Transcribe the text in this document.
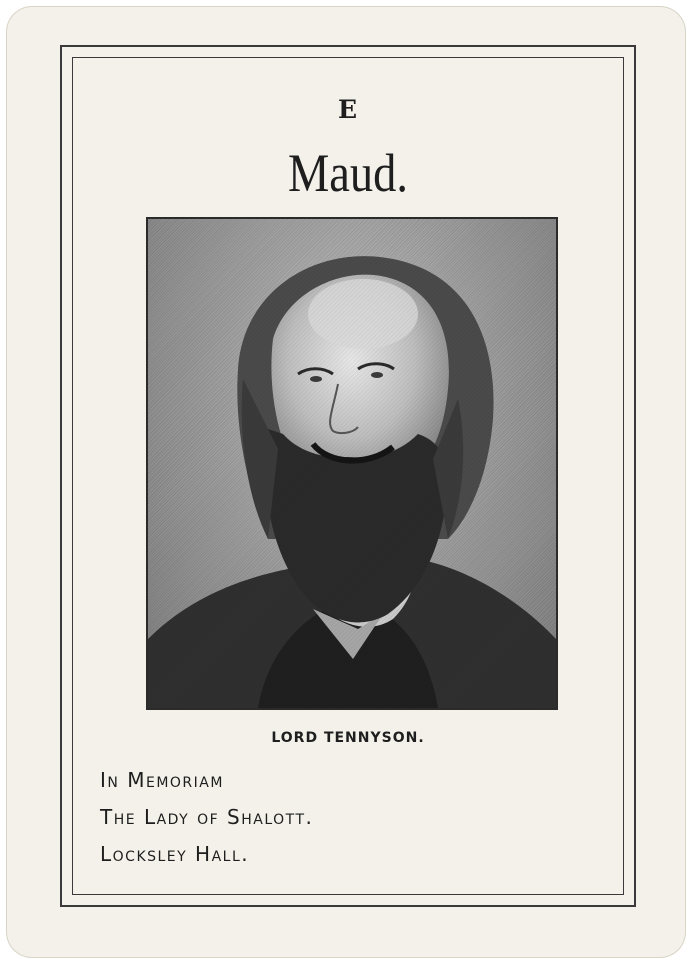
E
Maud.
LORD TENNYSON.
In Memoriam
The Lady of Shalott.
Locksley Hall.
